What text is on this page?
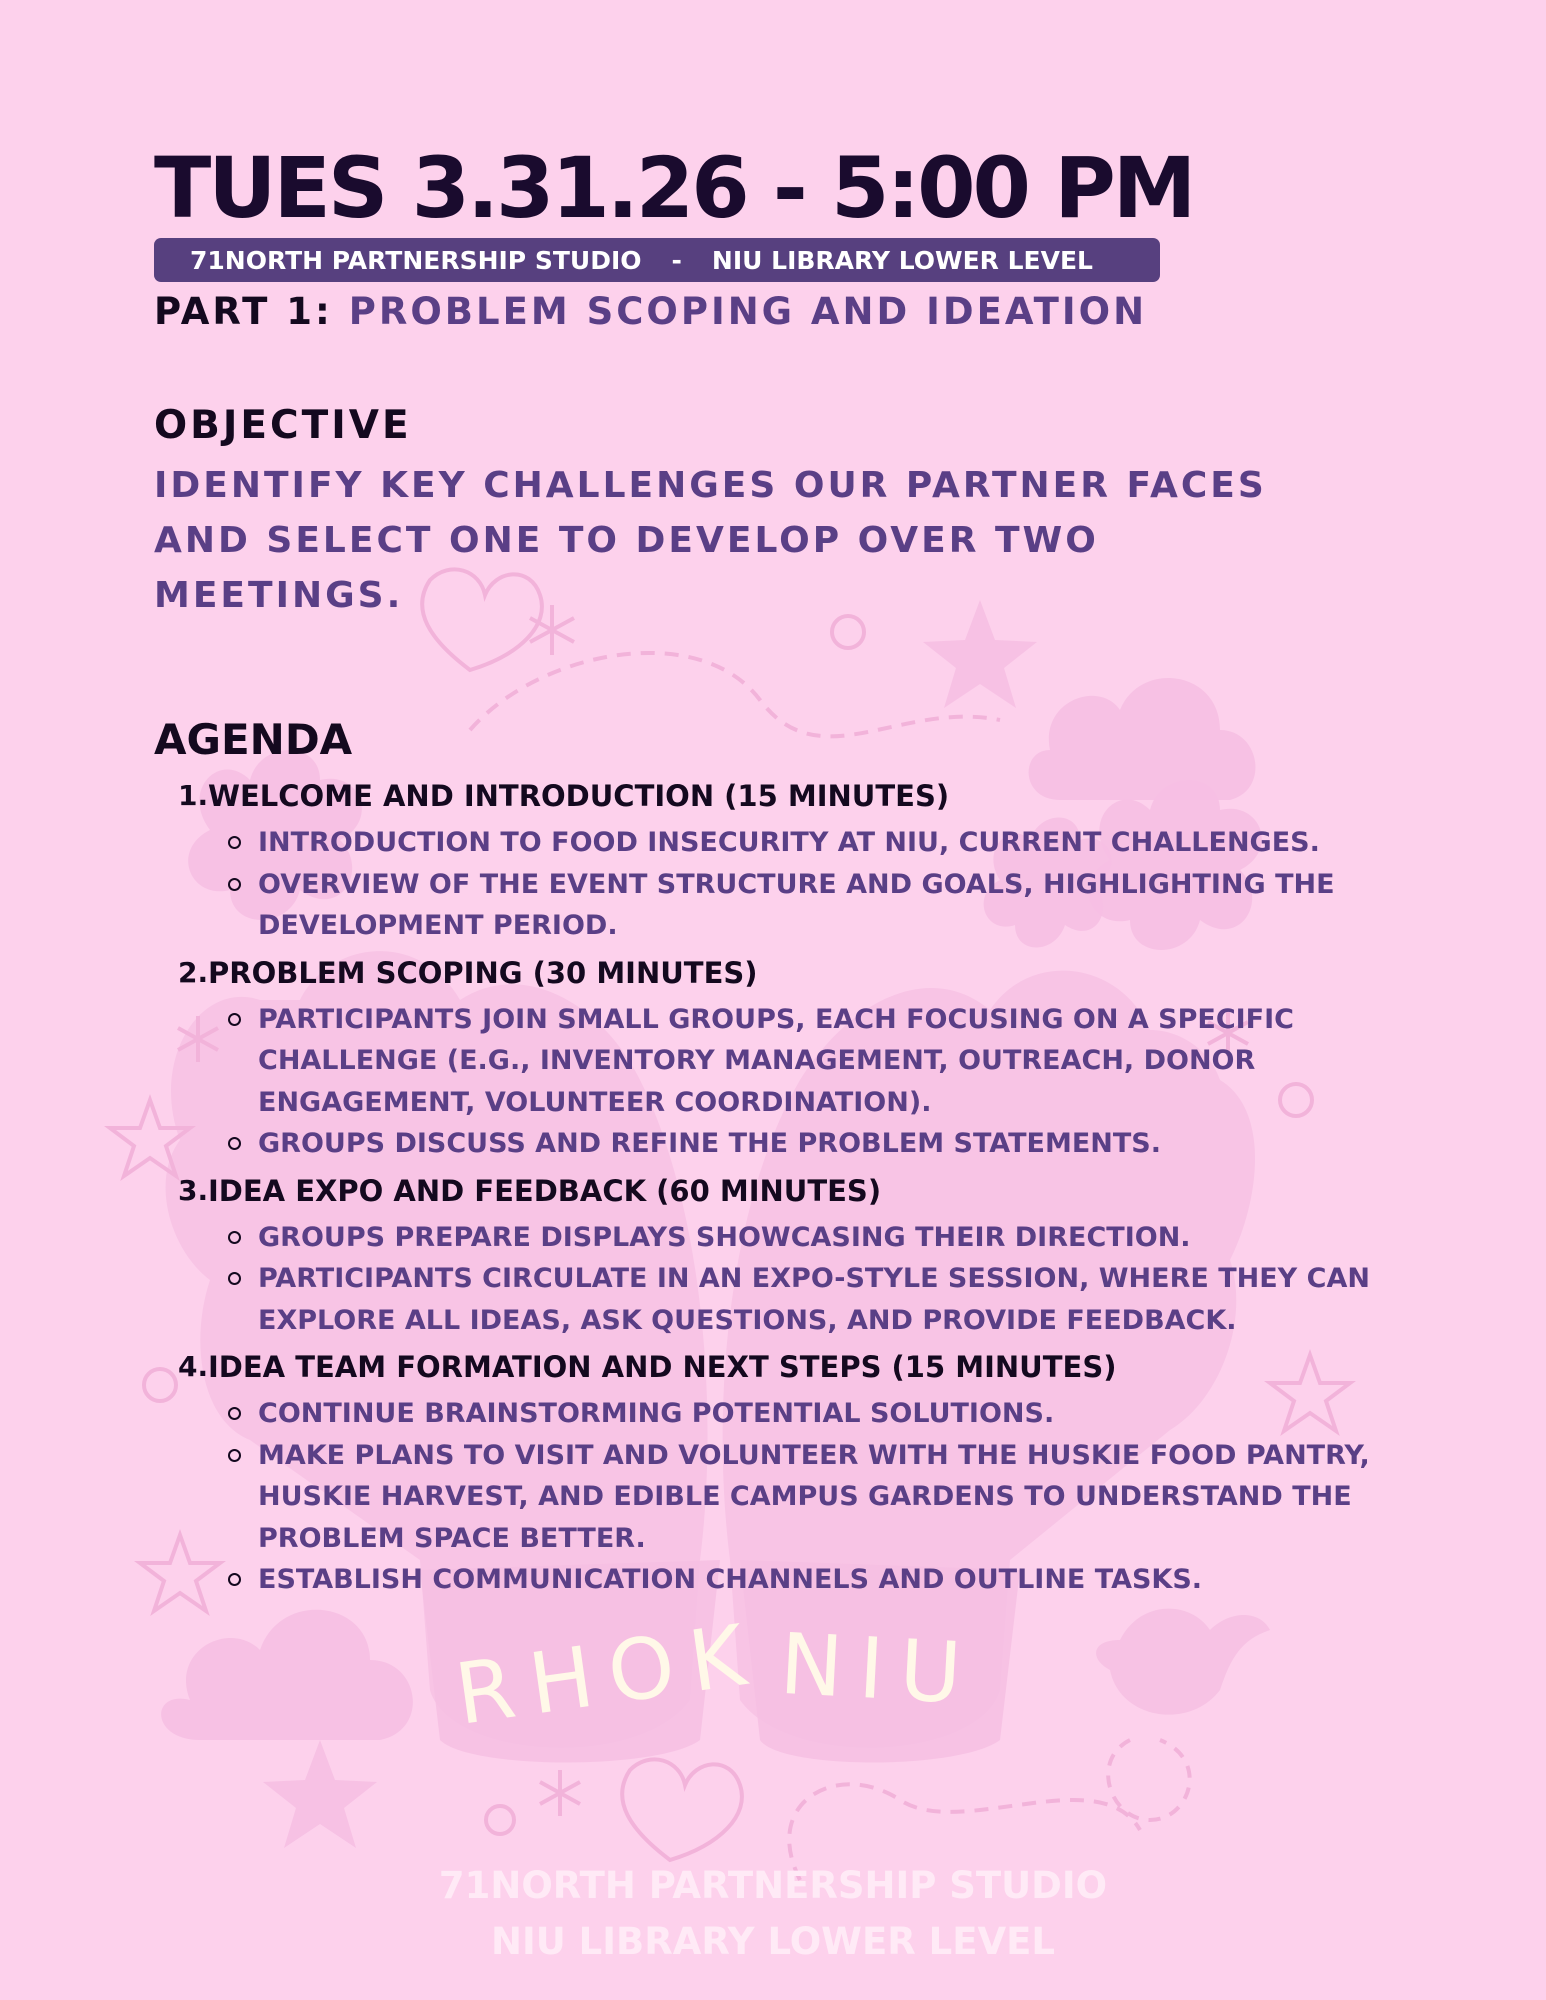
RHOK NIU
TUES 3.31.26 - 5:00 PM
71NORTH PARTNERSHIP STUDIO - NIU LIBRARY LOWER LEVEL
PART 1: PROBLEM SCOPING AND IDEATION
OBJECTIVE
IDENTIFY KEY CHALLENGES OUR PARTNER FACES AND SELECT ONE TO DEVELOP OVER TWO MEETINGS.
AGENDA
1. WELCOME AND INTRODUCTION (15 MINUTES)
INTRODUCTION TO FOOD INSECURITY AT NIU, CURRENT CHALLENGES.
OVERVIEW OF THE EVENT STRUCTURE AND GOALS, HIGHLIGHTING THE DEVELOPMENT PERIOD.
2. PROBLEM SCOPING (30 MINUTES)
PARTICIPANTS JOIN SMALL GROUPS, EACH FOCUSING ON A SPECIFIC CHALLENGE (E.G., INVENTORY MANAGEMENT, OUTREACH, DONOR ENGAGEMENT, VOLUNTEER COORDINATION).
GROUPS DISCUSS AND REFINE THE PROBLEM STATEMENTS.
3. IDEA EXPO AND FEEDBACK (60 MINUTES)
GROUPS PREPARE DISPLAYS SHOWCASING THEIR DIRECTION.
PARTICIPANTS CIRCULATE IN AN EXPO-STYLE SESSION, WHERE THEY CAN EXPLORE ALL IDEAS, ASK QUESTIONS, AND PROVIDE FEEDBACK.
4. IDEA TEAM FORMATION AND NEXT STEPS (15 MINUTES)
CONTINUE BRAINSTORMING POTENTIAL SOLUTIONS.
MAKE PLANS TO VISIT AND VOLUNTEER WITH THE HUSKIE FOOD PANTRY, HUSKIE HARVEST, AND EDIBLE CAMPUS GARDENS TO UNDERSTAND THE PROBLEM SPACE BETTER.
ESTABLISH COMMUNICATION CHANNELS AND OUTLINE TASKS.
71NORTH PARTNERSHIP STUDIO
NIU LIBRARY LOWER LEVEL
